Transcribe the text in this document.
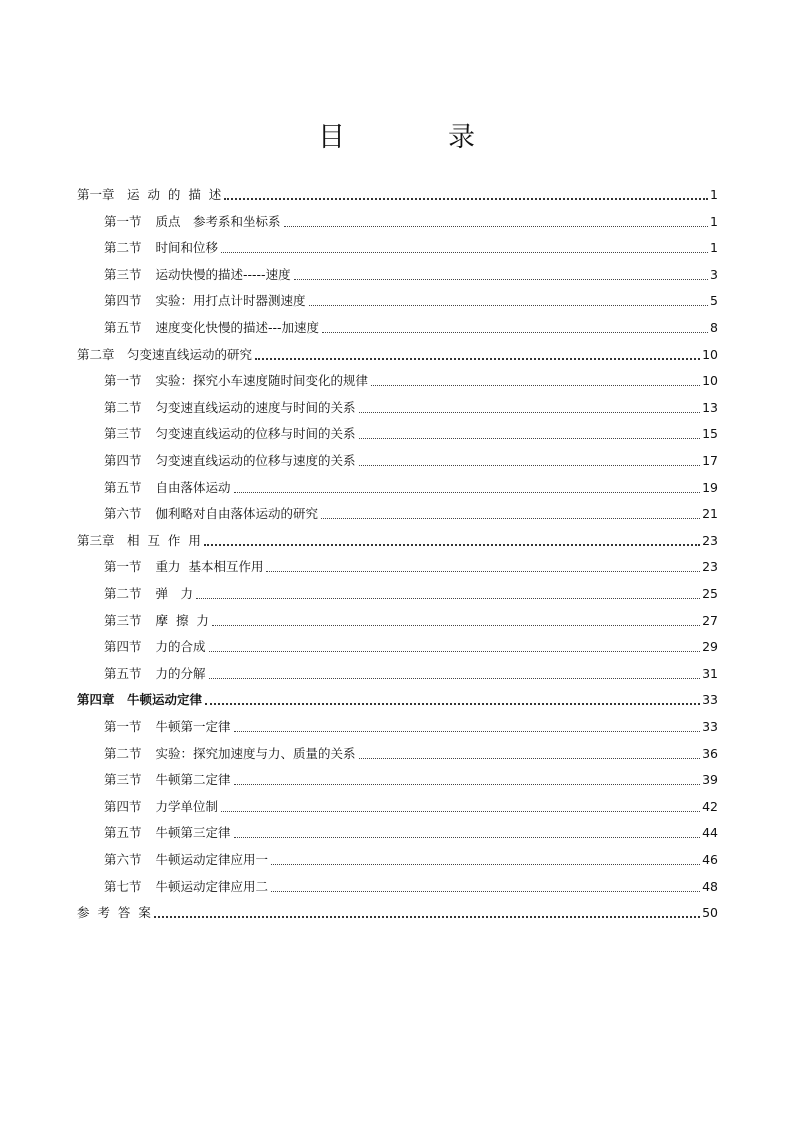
目	录
第一章　运  动  的  描  述	1
第一节 质点　参考系和坐标系	1
第二节 时间和位移	1
第三节 运动快慢的描述-----速度	3
第四节 实验：用打点计时器测速度	5
第五节 速度变化快慢的描述---加速度	8
第二章　匀变速直线运动的研究	10
第一节 实验：探究小车速度随时间变化的规律	10
第二节 匀变速直线运动的速度与时间的关系	13
第三节 匀变速直线运动的位移与时间的关系	15
第四节 匀变速直线运动的位移与速度的关系	17
第五节 自由落体运动	19
第六节 伽利略对自由落体运动的研究	21
第三章　相  互  作  用	23
第一节 重力  基本相互作用	23
第二节 弹　力	25
第三节 摩  擦  力	27
第四节 力的合成	29
第五节 力的分解	31
第四章　牛顿运动定律	33
第一节 牛顿第一定律	33
第二节 实验：探究加速度与力、质量的关系	36
第三节 牛顿第二定律	39
第四节 力学单位制	42
第五节 牛顿第三定律	44
第六节 牛顿运动定律应用一	46
第七节 牛顿运动定律应用二	48
参  考  答  案	50
